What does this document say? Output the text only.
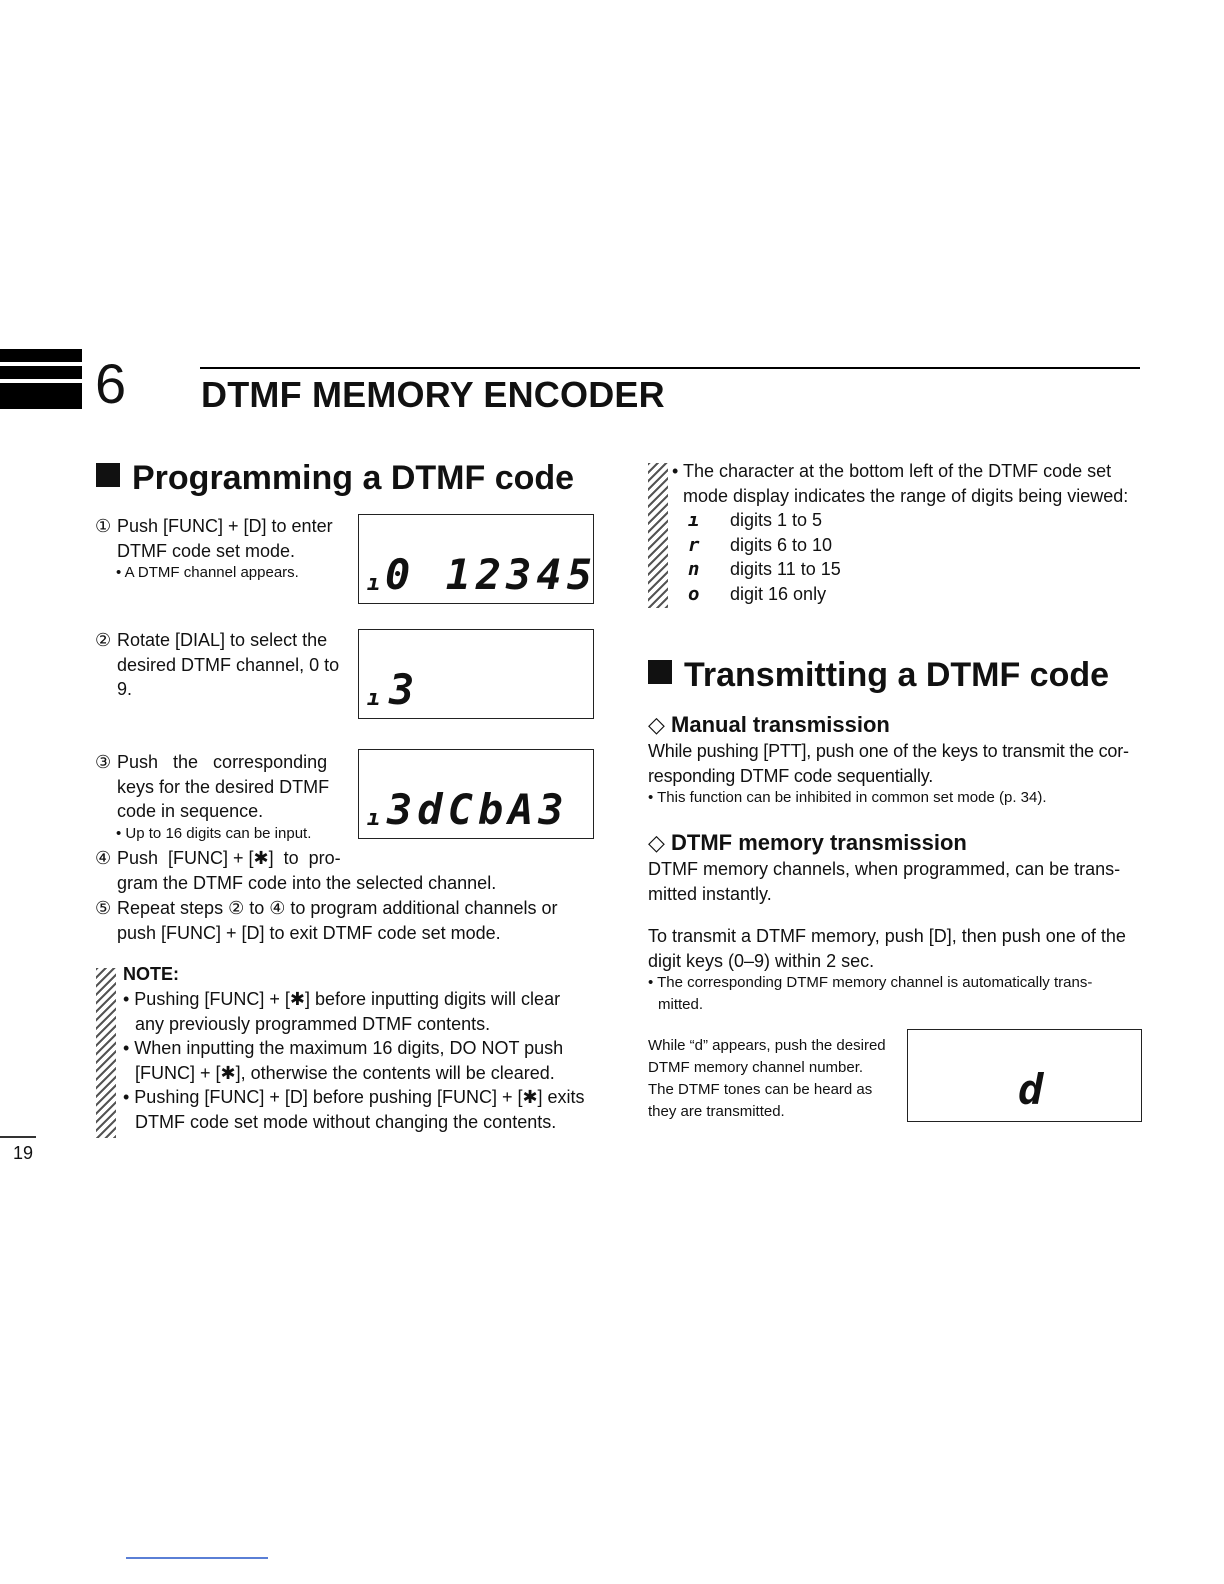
6 DTMF MEMORY ENCODER
Programming a DTMF code
① Push [FUNC] + [D] to enter
DTMF code set mode.
• A DTMF channel appears.	ı 0 12345
② Rotate [DIAL] to select the
desired DTMF channel, 0 to
9.	ı 3
③ Push   the   corresponding
keys for the desired DTMF
code in sequence.
• Up to 16 digits can be input.
ı 3dCbA3
④ Push  [FUNC] + [✱]  to  pro-
gram the DTMF code into the selected channel.
⑤ Repeat steps ② to ④ to program additional channels or
push [FUNC] + [D] to exit DTMF code set mode.
NOTE:
• Pushing [FUNC] + [✱] before inputting digits will clear
any previously programmed DTMF contents.
• When inputting the maximum 16 digits, DO NOT push
[FUNC] + [✱], otherwise the contents will be cleared.
• Pushing [FUNC] + [D] before pushing [FUNC] + [✱] exits
DTMF code set mode without changing the contents.
• The character at the bottom left of the DTMF code set
mode display indicates the range of digits being viewed:
ı digits 1 to 5
r digits 6 to 10
n digits 11 to 15
o digit 16 only
Transmitting a DTMF code
◇ Manual transmission
While pushing [PTT], push one of the keys to transmit the cor-
responding DTMF code sequentially.
• This function can be inhibited in common set mode (p. 34).
◇ DTMF memory transmission
DTMF memory channels, when programmed, can be trans-
mitted instantly.
To transmit a DTMF memory, push [D], then push one of the
digit keys (0–9) within 2 sec.
• The corresponding DTMF memory channel is automatically trans-
mitted.
While “d” appears, push the desired
DTMF memory channel number.
The DTMF tones can be heard as
they are transmitted.	d
19
